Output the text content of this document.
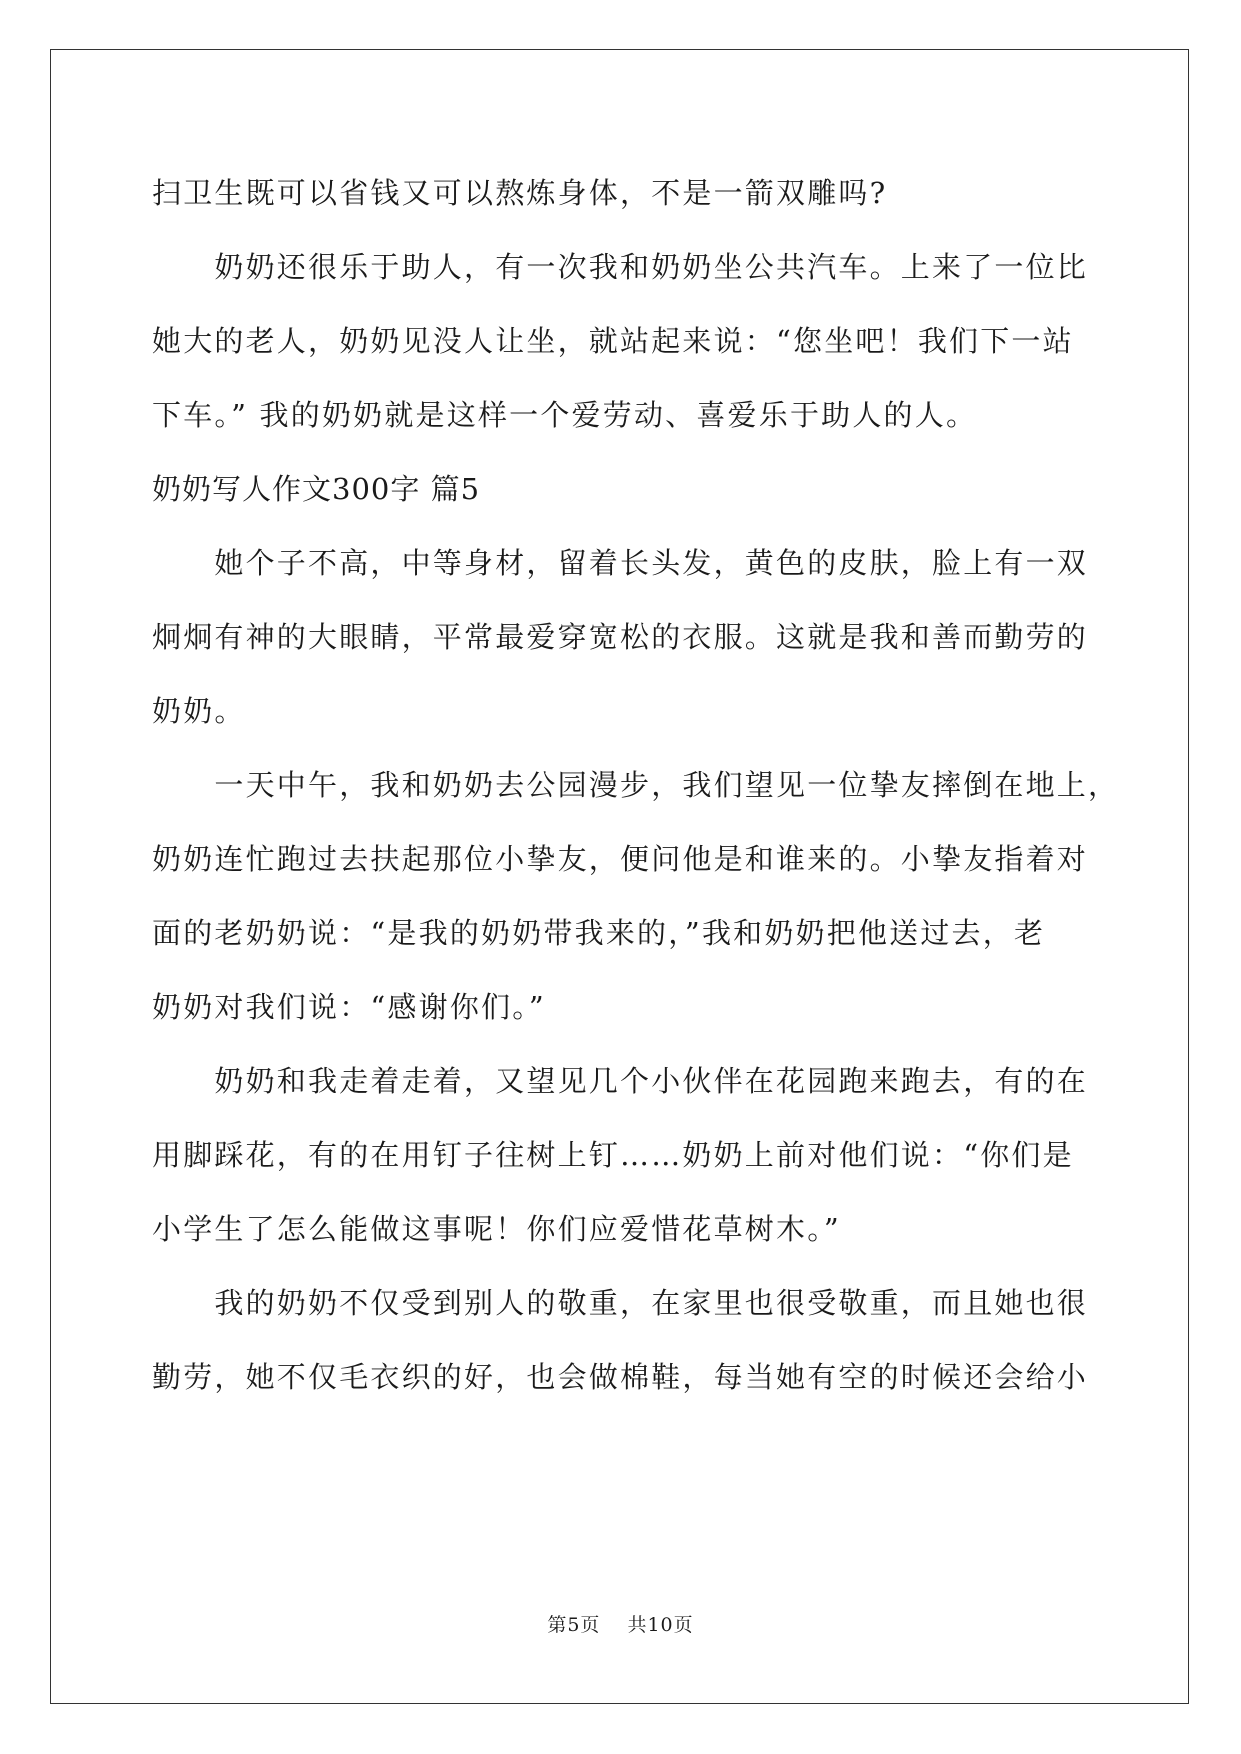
扫卫生既可以省钱又可以熬炼身体，不是一箭双雕吗?
　　奶奶还很乐于助人，有一次我和奶奶坐公共汽车。上来了一位比
她大的老人，奶奶见没人让坐，就站起来说：“您坐吧！我们下一站
下车。” 我的奶奶就是这样一个爱劳动、喜爱乐于助人的人。
奶奶写人作文300字 篇5
　　她个子不高，中等身材，留着长头发，黄色的皮肤，脸上有一双
炯炯有神的大眼睛，平常最爱穿宽松的衣服。这就是我和善而勤劳的
奶奶。
　　一天中午，我和奶奶去公园漫步，我们望见一位挚友摔倒在地上，
奶奶连忙跑过去扶起那位小挚友，便问他是和谁来的。小挚友指着对
面的老奶奶说：“是我的奶奶带我来的，”我和奶奶把他送过去，老
奶奶对我们说：“感谢你们。”
　　奶奶和我走着走着，又望见几个小伙伴在花园跑来跑去，有的在
用脚踩花，有的在用钉子往树上钉……奶奶上前对他们说：“你们是
小学生了怎么能做这事呢！你们应爱惜花草树木。”
　　我的奶奶不仅受到别人的敬重，在家里也很受敬重，而且她也很
勤劳，她不仅毛衣织的好，也会做棉鞋，每当她有空的时候还会给小
第5页 共10页
